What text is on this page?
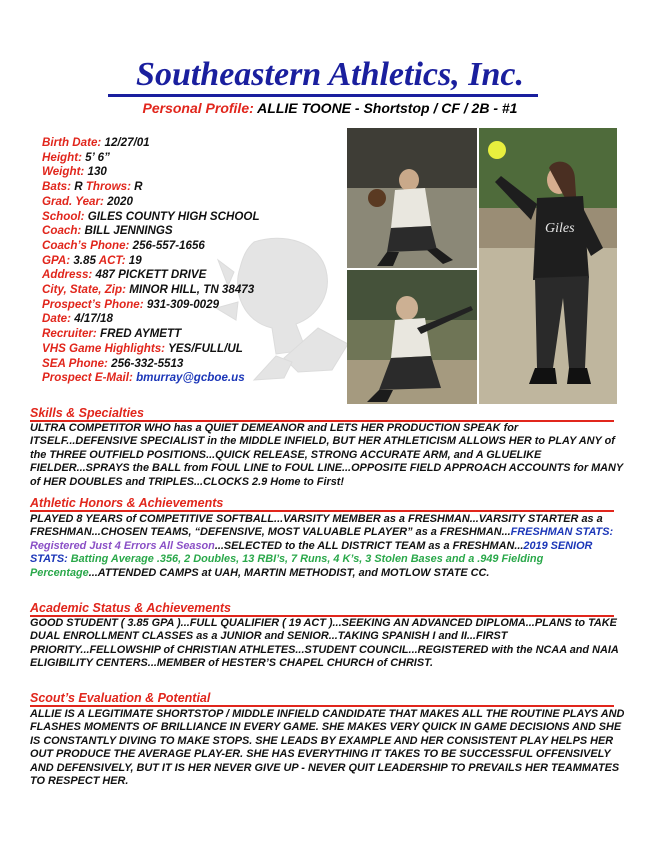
Southeastern Athletics, Inc.
Personal Profile: ALLIE TOONE - Shortstop / CF / 2B - #1
Birth Date: 12/27/01
Height: 5’ 6”
Weight: 130
Bats: R Throws: R
Grad. Year: 2020
School: GILES COUNTY HIGH SCHOOL
Coach: BILL JENNINGS
Coach’s Phone: 256-557-1656
GPA: 3.85 ACT: 19
Address: 487 PICKETT DRIVE
City, State, Zip: MINOR HILL, TN 38473
Prospect’s Phone: 931-309-0029
Date: 4/17/18
Recruiter: FRED AYMETT
VHS Game Highlights: YES/FULL/UL
SEA Phone: 256-332-5513
Prospect E-Mail: bmurray@gcboe.us
Giles
Skills & Specialties
ULTRA COMPETITOR WHO has a QUIET DEMEANOR and LETS HER PRODUCTION SPEAK for ITSELF...DEFENSIVE SPECIALIST in the MIDDLE INFIELD, BUT HER ATHLETICISM ALLOWS HER to PLAY ANY of the THREE OUTFIELD POSITIONS...QUICK RELEASE, STRONG ACCURATE ARM, and A GLUELIKE FIELDER...SPRAYS the BALL from FOUL LINE to FOUL LINE...OPPOSITE FIELD APPROACH ACCOUNTS for MANY of HER DOUBLES and TRIPLES...CLOCKS 2.9 Home to First!
Athletic Honors & Achievements
PLAYED 8 YEARS of COMPETITIVE SOFTBALL...VARSITY MEMBER as a FRESHMAN...VARSITY STARTER as a FRESHMAN...CHOSEN TEAMS, “DEFENSIVE, MOST VALUABLE PLAYER” as a FRESHMAN...FRESHMAN STATS: Registered Just 4 Errors All Season...SELECTED to the ALL DISTRICT TEAM as a FRESHMAN...2019 SENIOR STATS: Batting Average .356, 2 Doubles, 13 RBI’s, 7 Runs, 4 K’s, 3 Stolen Bases and a .949 Fielding Percentage...ATTENDED CAMPS at UAH, MARTIN METHODIST, and MOTLOW STATE CC.
Academic Status & Achievements
GOOD STUDENT ( 3.85 GPA )...FULL QUALIFIER ( 19 ACT )...SEEKING AN ADVANCED DIPLOMA...PLANS to TAKE DUAL ENROLLMENT CLASSES as a JUNIOR and SENIOR...TAKING SPANISH I and II...FIRST PRIORITY...FELLOWSHIP of CHRISTIAN ATHLETES...STUDENT COUNCIL...REGISTERED with the NCAA and NAIA ELIGIBILITY CENTERS...MEMBER of HESTER’S CHAPEL CHURCH of CHRIST.
Scout’s Evaluation & Potential
ALLIE IS A LEGITIMATE SHORTSTOP / MIDDLE INFIELD CANDIDATE THAT MAKES ALL THE ROUTINE PLAYS AND FLASHES MOMENTS OF BRILLIANCE IN EVERY GAME. SHE MAKES VERY QUICK IN GAME DECISIONS AND SHE IS CONSTANTLY DIVING TO MAKE STOPS. SHE LEADS BY EXAMPLE AND HER CONSISTENT PLAY HELPS HER OUT PRODUCE THE AVERAGE PLAY-ER. SHE HAS EVERYTHING IT TAKES TO BE SUCCESSFUL OFFENSIVELY AND DEFENSIVELY, BUT IT IS HER NEVER GIVE UP - NEVER QUIT LEADERSHIP TO PREVAILS HER TEAMMATES TO RESPECT HER.
